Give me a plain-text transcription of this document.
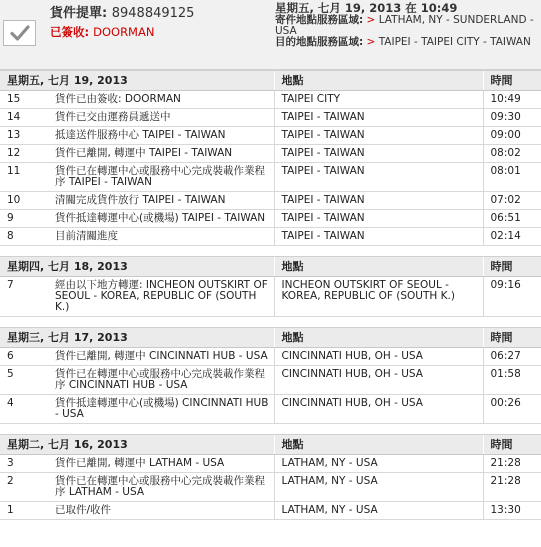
貨件提單: 8948849125
已簽收: DOORMAN
星期五, 七月 19, 2013 在 10:49
寄件地點服務區域: > LATHAM, NY - SUNDERLAND - USA
目的地點服務區域: > TAIPEI - TAIPEI CITY - TAIWAN
星期五, 七月 19, 2013		地點	時間
15	貨件已由簽收: DOORMAN	TAIPEI CITY	10:49
14	貨件已交由運務員遞送中	TAIPEI - TAIWAN	09:30
13	抵達送件服務中心 TAIPEI - TAIWAN	TAIPEI - TAIWAN	09:00
12	貨件已離開, 轉運中 TAIPEI - TAIWAN	TAIPEI - TAIWAN	08:02
11	貨件已在轉運中心或服務中心完成裝載作業程序 TAIPEI - TAIWAN	TAIPEI - TAIWAN	08:01
10	清關完成貨件放行 TAIPEI - TAIWAN	TAIPEI - TAIWAN	07:02
9	貨件抵達轉運中心(或機場) TAIPEI - TAIWAN	TAIPEI - TAIWAN	06:51
8	目前清關進度	TAIPEI - TAIWAN	02:14

星期四, 七月 18, 2013		地點	時間
7	經由以下地方轉運: INCHEON OUTSKIRT OF SEOUL - KOREA, REPUBLIC OF (SOUTH K.)	INCHEON OUTSKIRT OF SEOUL - KOREA, REPUBLIC OF (SOUTH K.)	09:16

星期三, 七月 17, 2013		地點	時間
6	貨件已離開, 轉運中 CINCINNATI HUB - USA	CINCINNATI HUB, OH - USA	06:27
5	貨件已在轉運中心或服務中心完成裝載作業程序 CINCINNATI HUB - USA	CINCINNATI HUB, OH - USA	01:58
4	貨件抵達轉運中心(或機場) CINCINNATI HUB - USA	CINCINNATI HUB, OH - USA	00:26

星期二, 七月 16, 2013		地點	時間
3	貨件已離開, 轉運中 LATHAM - USA	LATHAM, NY - USA	21:28
2	貨件已在轉運中心或服務中心完成裝載作業程序 LATHAM - USA	LATHAM, NY - USA	21:28
1	已取件/收件	LATHAM, NY - USA	13:30
